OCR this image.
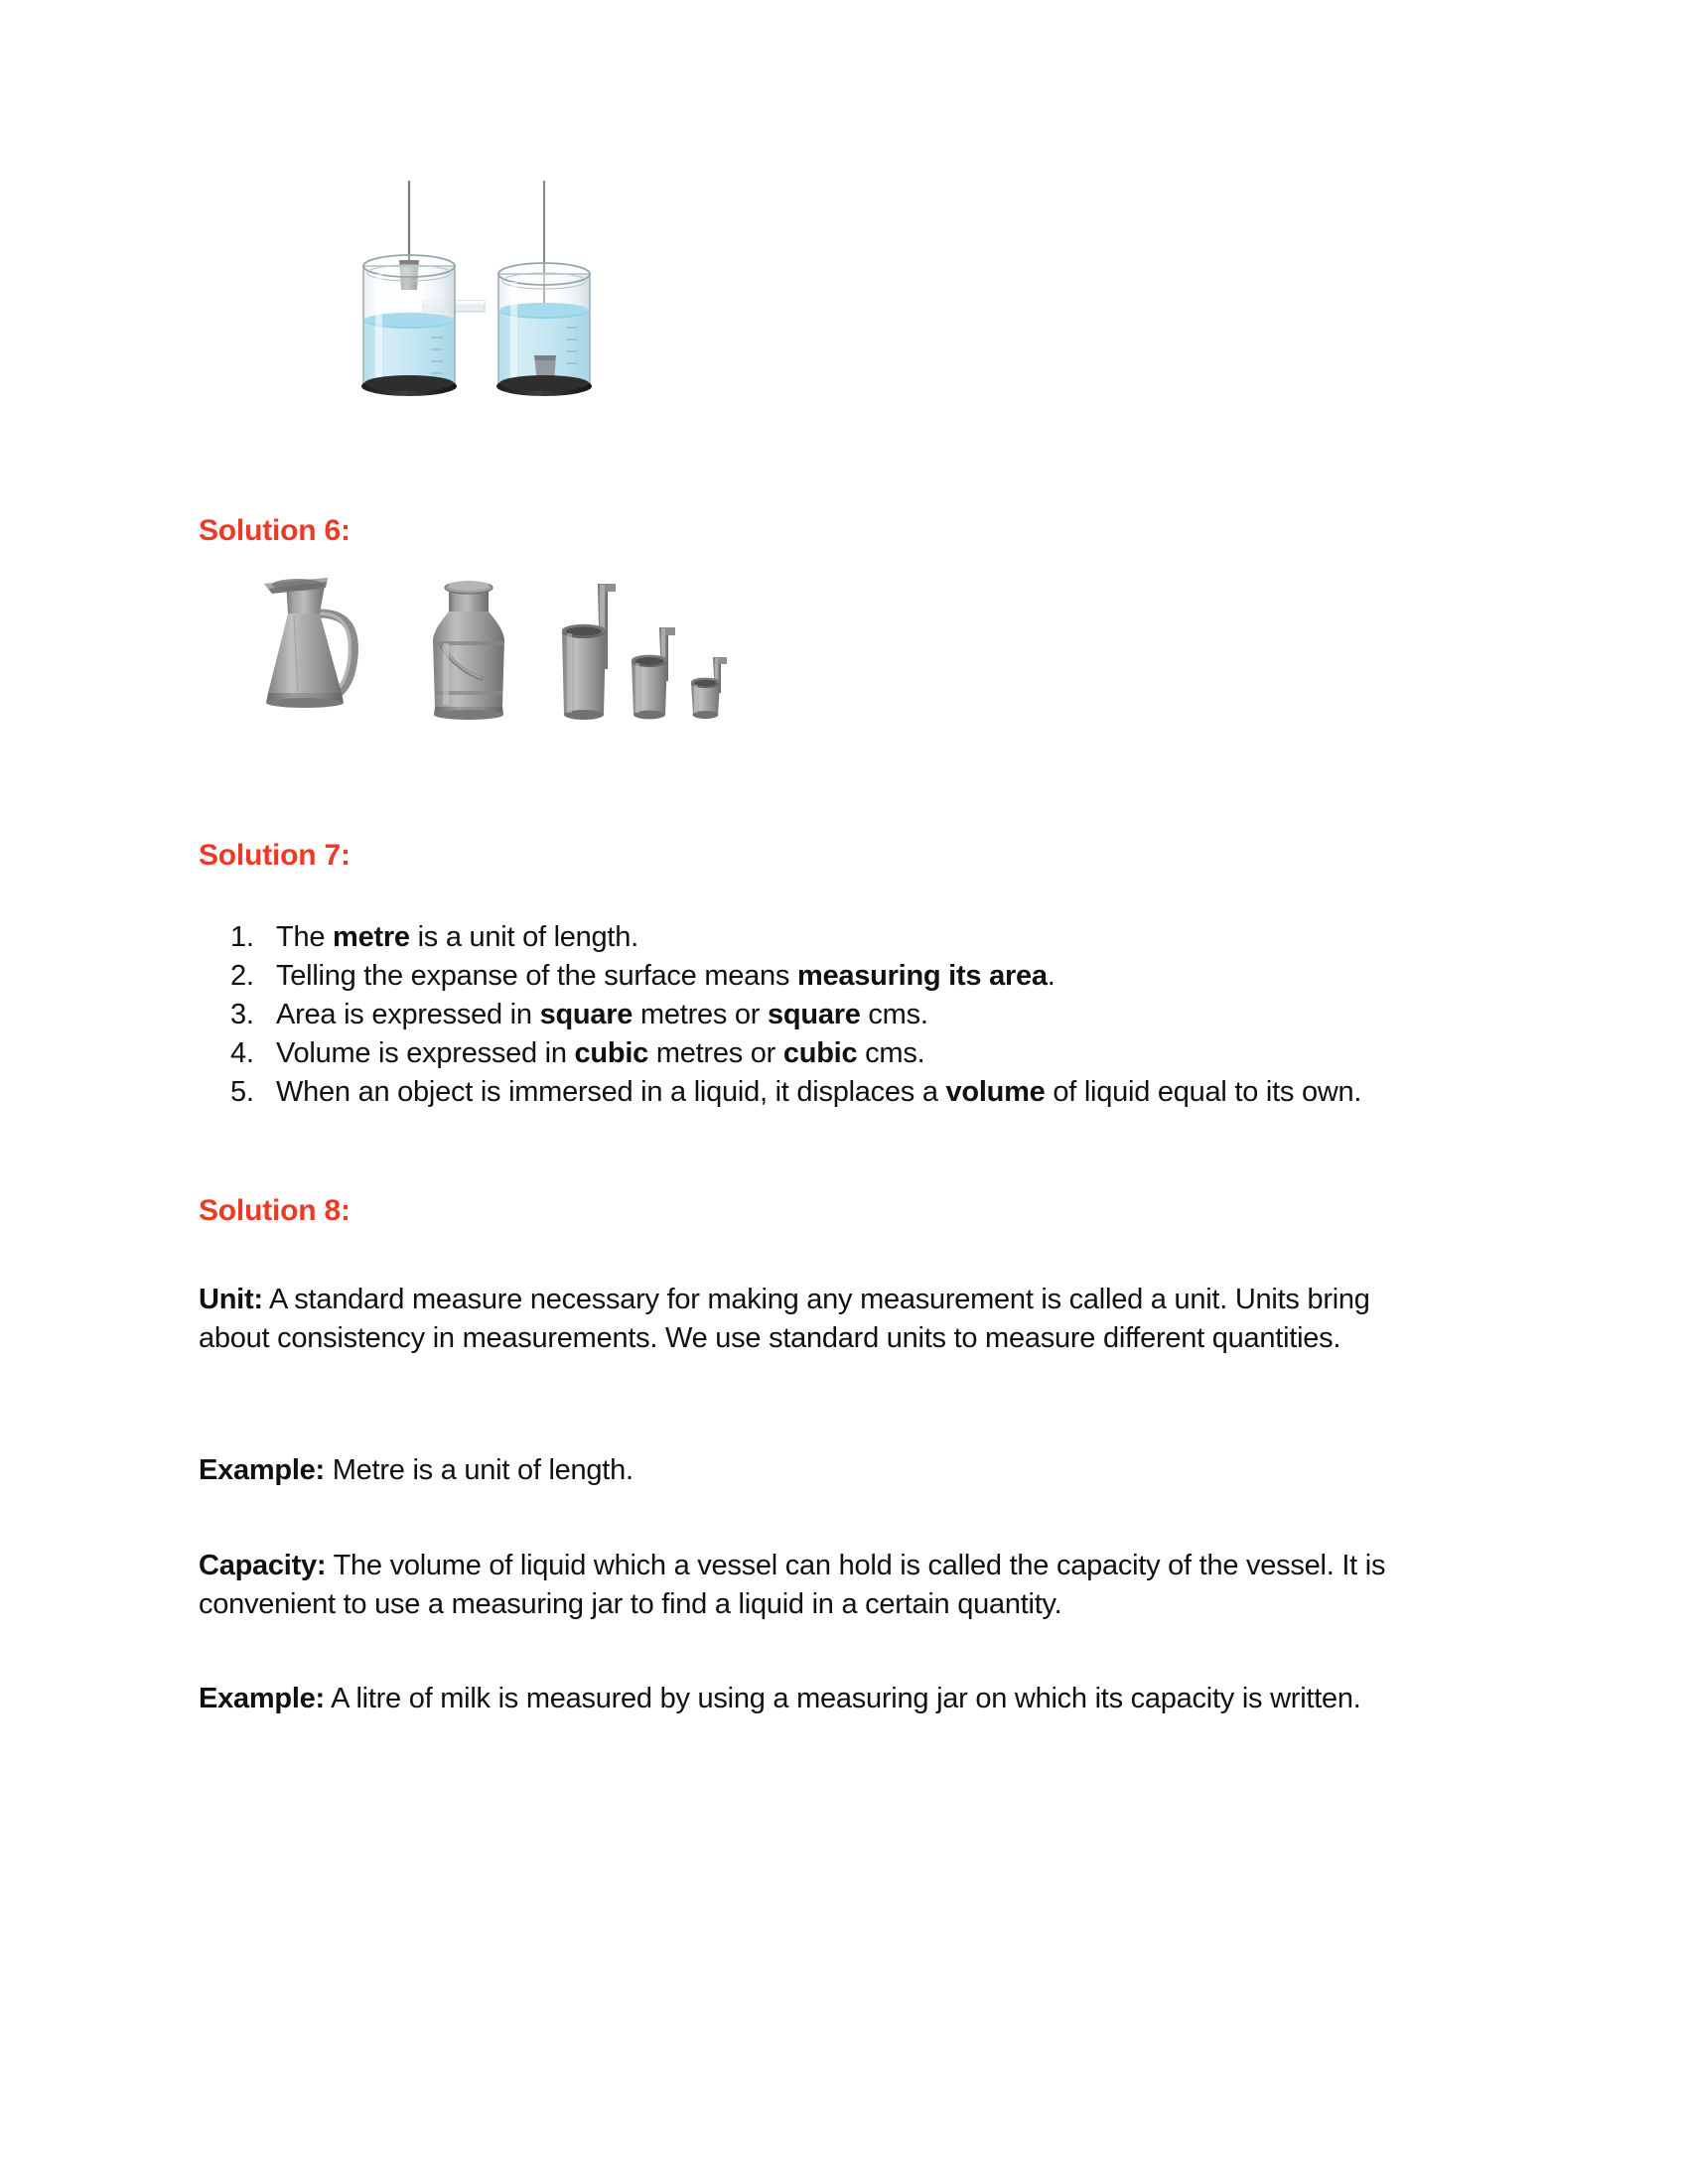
Solution 6:
Solution 7:
The metre is a unit of length.
Telling the expanse of the surface means measuring its area.
Area is expressed in square metres or square cms.
Volume is expressed in cubic metres or cubic cms.
When an object is immersed in a liquid, it displaces a volume of liquid equal to its own.
Solution 8:

Unit: A standard measure necessary for making any measurement is called a unit. Units bring about consistency in measurements. We use standard units to measure different quantities.

Example: Metre is a unit of length.

Capacity: The volume of liquid which a vessel can hold is called the capacity of the vessel. It is convenient to use a measuring jar to find a liquid in a certain quantity.

Example: A litre of milk is measured by using a measuring jar on which its capacity is written.
